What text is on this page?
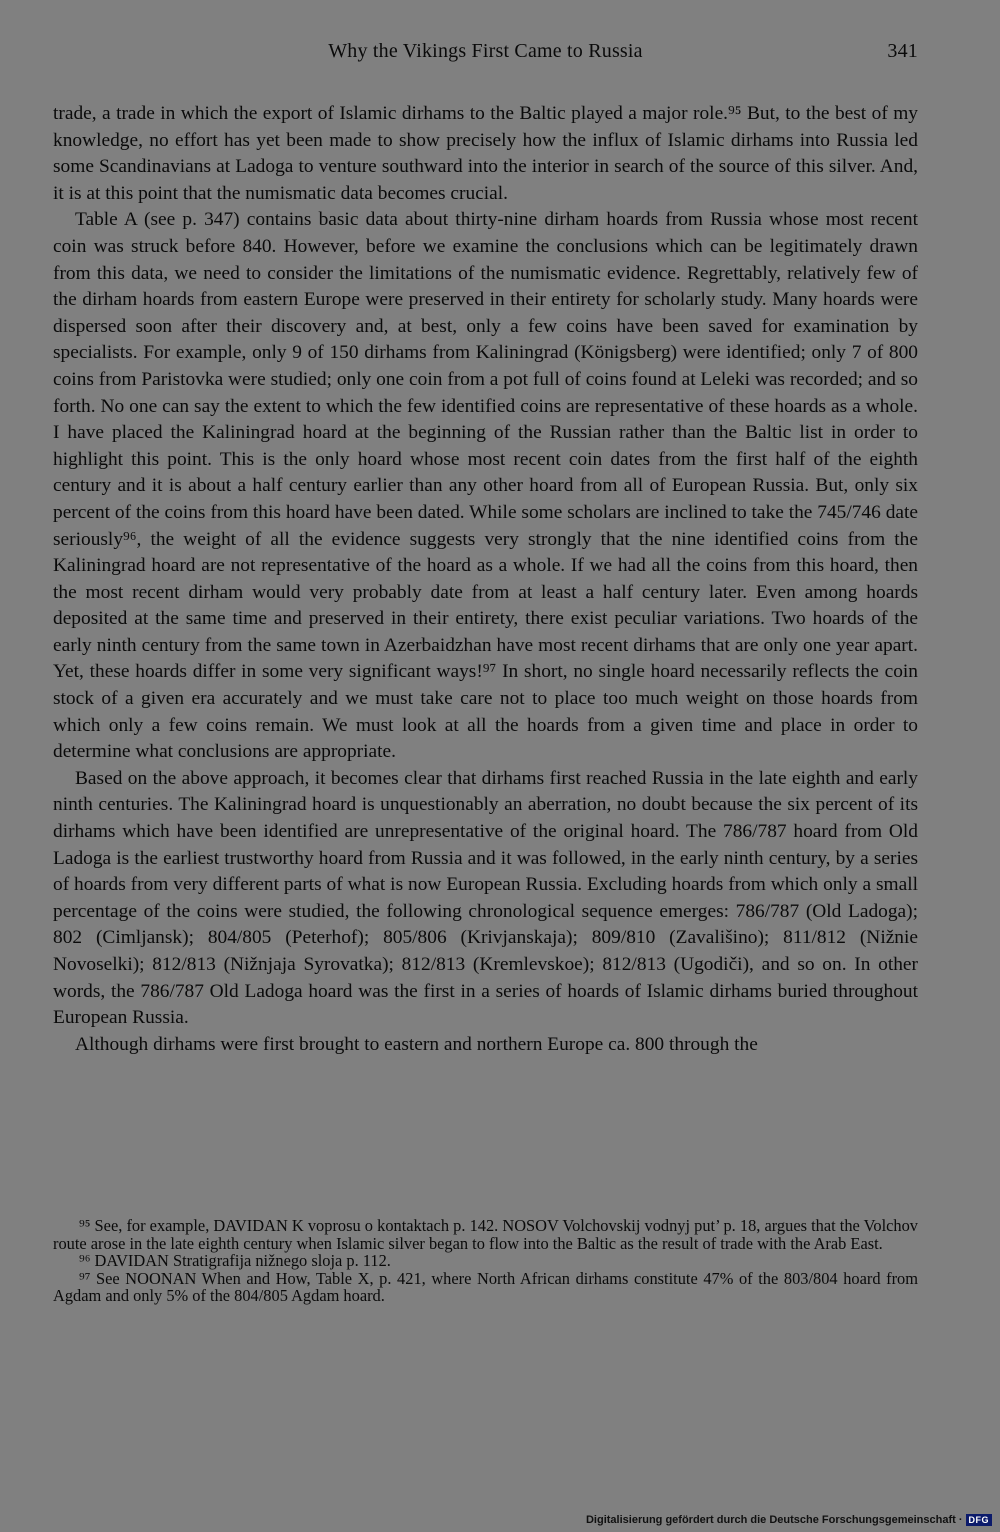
Why the Vikings First Came to Russia	341

trade, a trade in which the export of Islamic dirhams to the Baltic played a major role.⁹⁵ But, to the best of my knowledge, no effort has yet been made to show precisely how the influx of Islamic dirhams into Russia led some Scandinavians at Ladoga to venture southward into the interior in search of the source of this silver. And, it is at this point that the numismatic data becomes crucial.

Table A (see p. 347) contains basic data about thirty-nine dirham hoards from Russia whose most recent coin was struck before 840. However, before we examine the conclusions which can be legitimately drawn from this data, we need to consider the limitations of the numismatic evidence. Regrettably, relatively few of the dirham hoards from eastern Europe were preserved in their entirety for scholarly study. Many hoards were dispersed soon after their discovery and, at best, only a few coins have been saved for examination by specialists. For example, only 9 of 150 dirhams from Kaliningrad (Königsberg) were identified; only 7 of 800 coins from Paristovka were studied; only one coin from a pot full of coins found at Leleki was recorded; and so forth. No one can say the extent to which the few identified coins are representative of these hoards as a whole. I have placed the Kaliningrad hoard at the beginning of the Russian rather than the Baltic list in order to highlight this point. This is the only hoard whose most recent coin dates from the first half of the eighth century and it is about a half century earlier than any other hoard from all of European Russia. But, only six percent of the coins from this hoard have been dated. While some scholars are inclined to take the 745/746 date seriously⁹⁶, the weight of all the evidence suggests very strongly that the nine identified coins from the Kaliningrad hoard are not representative of the hoard as a whole. If we had all the coins from this hoard, then the most recent dirham would very probably date from at least a half century later. Even among hoards deposited at the same time and preserved in their entirety, there exist peculiar variations. Two hoards of the early ninth century from the same town in Azerbaidzhan have most recent dirhams that are only one year apart. Yet, these hoards differ in some very significant ways!⁹⁷ In short, no single hoard necessarily reflects the coin stock of a given era accurately and we must take care not to place too much weight on those hoards from which only a few coins remain. We must look at all the hoards from a given time and place in order to determine what conclusions are appropriate.

Based on the above approach, it becomes clear that dirhams first reached Russia in the late eighth and early ninth centuries. The Kaliningrad hoard is unquestionably an aberration, no doubt because the six percent of its dirhams which have been identified are unrepresentative of the original hoard. The 786/787 hoard from Old Ladoga is the earliest trustworthy hoard from Russia and it was followed, in the early ninth century, by a series of hoards from very different parts of what is now European Russia. Excluding hoards from which only a small percentage of the coins were studied, the following chronological sequence emerges: 786/787 (Old Ladoga); 802 (Cimljansk); 804/805 (Peterhof); 805/806 (Krivjanskaja); 809/810 (Zavališino); 811/812 (Nižnie Novoselki); 812/813 (Nižnjaja Syrovatka); 812/813 (Kremlevskoe); 812/813 (Ugodiči), and so on. In other words, the 786/787 Old Ladoga hoard was the first in a series of hoards of Islamic dirhams buried throughout European Russia.

Although dirhams were first brought to eastern and northern Europe ca. 800 through the

⁹⁵ See, for example, DAVIDAN K voprosu o kontaktach p. 142. NOSOV Volchovskij vodnyj put’ p. 18, argues that the Volchov route arose in the late eighth century when Islamic silver began to flow into the Baltic as the result of trade with the Arab East.

⁹⁶ DAVIDAN Stratigrafija nižnego sloja p. 112.

⁹⁷ See NOONAN When and How, Table X, p. 421, where North African dirhams constitute 47% of the 803/804 hoard from Agdam and only 5% of the 804/805 Agdam hoard.

Digitalisierung gefördert durch die Deutsche Forschungsgemeinschaft · DFG
